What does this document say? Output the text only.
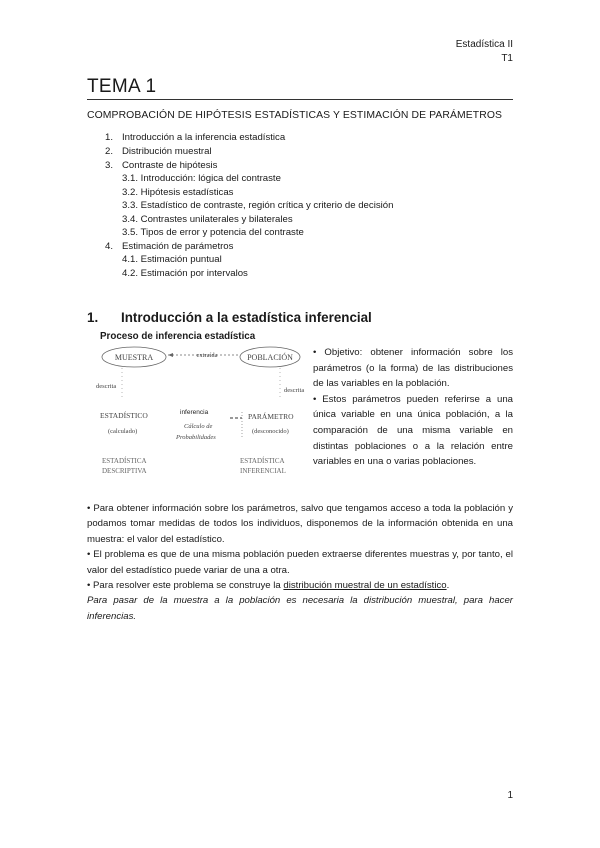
Estadística II
T1
TEMA 1
COMPROBACIÓN DE HIPÓTESIS ESTADÍSTICAS Y ESTIMACIÓN DE PARÁMETROS
1. Introducción a la inferencia estadística
2. Distribución muestral
3. Contraste de hipótesis
3.1. Introducción: lógica del contraste
3.2. Hipótesis estadísticas
3.3. Estadístico de contraste, región crítica y criterio de decisión
3.4. Contrastes unilaterales y bilaterales
3.5. Tipos de error y potencia del contraste
4. Estimación de parámetros
4.1. Estimación puntual
4.2. Estimación por intervalos
1. Introducción a la estadística inferencial
Proceso de inferencia estadística
MUESTRA	POBLACIÓN
extraída
descrita
descrita
ESTADÍSTICO
(calculado)
inferencia
Cálculo de
Probabilidades
PARÁMETRO
(desconocido)
ESTADÍSTICA
DESCRIPTIVA
ESTADÍSTICA
INFERENCIAL

• Objetivo: obtener información sobre los parámetros (o la forma) de las distribuciones de las variables en la población.

• Estos parámetros pueden referirse a una única variable en una única población, a la comparación de una misma variable en distintas poblaciones o a la relación entre variables en una o varias poblaciones.

• Para obtener información sobre los parámetros, salvo que tengamos acceso a toda la población y podamos tomar medidas de todos los individuos, disponemos de la información obtenida en una muestra: el valor del estadístico.

• El problema es que de una misma población pueden extraerse diferentes muestras y, por tanto, el valor del estadístico puede variar de una a otra.

• Para resolver este problema se construye la distribución muestral de un estadístico.

Para pasar de la muestra a la población es necesaria la distribución muestral, para hacer inferencias.

1
